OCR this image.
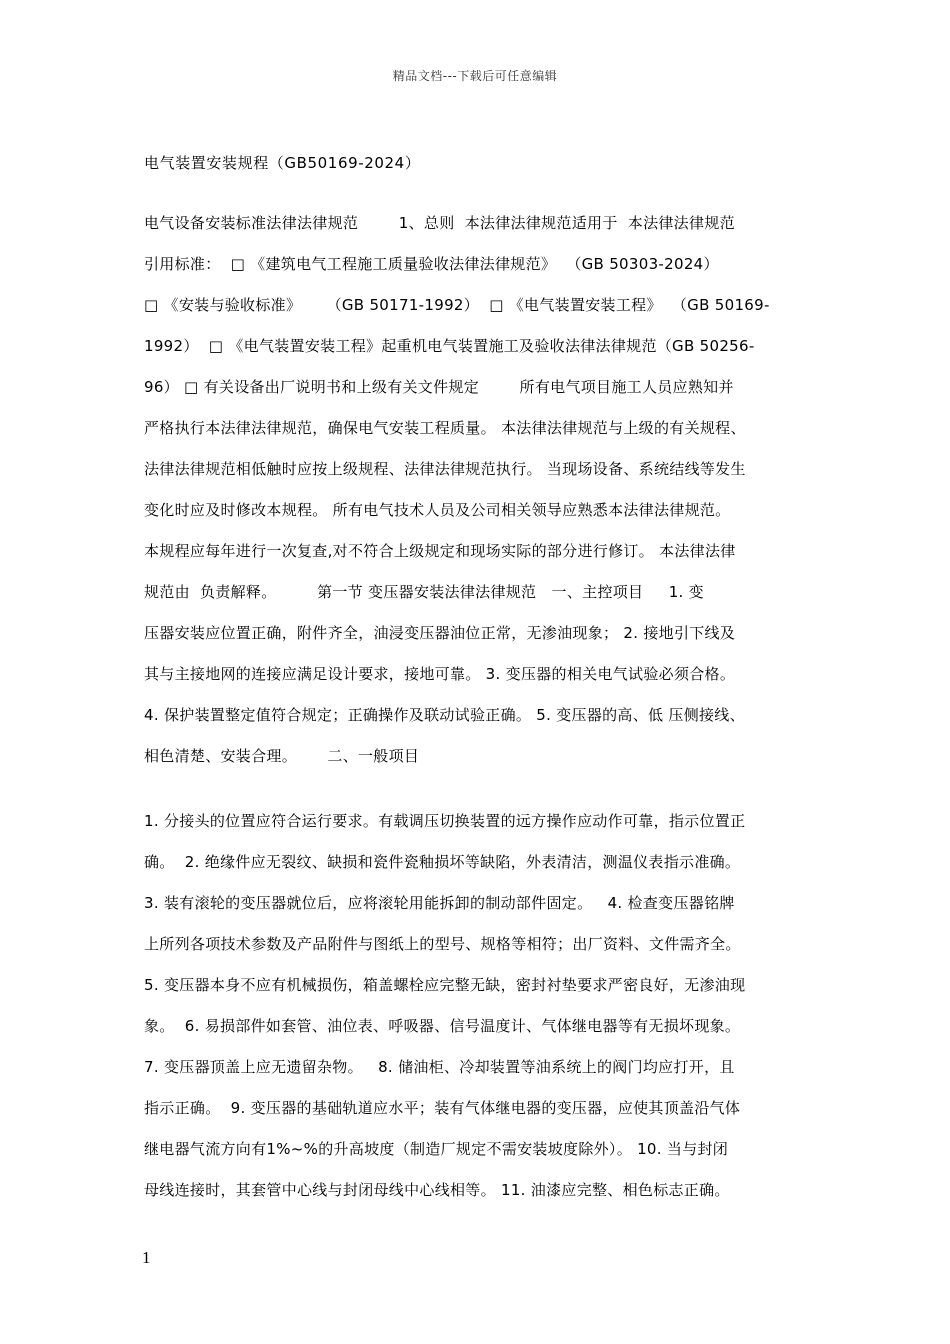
精品文档---下载后可任意编辑
电气装置安装规程（GB50169-2024）
电气设备安装标准法律法律规范        1、总则  本法律法律规范适用于  本法律法律规范
引用标准：  □ 《建筑电气工程施工质量验收法律法律规范》  （GB 50303-2024）
□ 《安装与验收标准》     （GB 50171-1992）  □ 《电气装置安装工程》  （GB 50169-
1992）  □ 《电气装置安装工程》起重机电气装置施工及验收法律法律规范（GB 50256-
96） □ 有关设备出厂说明书和上级有关文件规定        所有电气项目施工人员应熟知并
严格执行本法律法律规范，确保电气安装工程质量。 本法律法律规范与上级的有关规程、
法律法律规范相低触时应按上级规程、法律法律规范执行。 当现场设备、系统结线等发生
变化时应及时修改本规程。 所有电气技术人员及公司相关领导应熟悉本法律法律规范。
本规程应每年进行一次复查,对不符合上级规定和现场实际的部分进行修订。 本法律法律
规范由  负责解释。        第一节 变压器安装法律法律规范   一、主控项目     1. 变
压器安装应位置正确，附件齐全，油浸变压器油位正常，无渗油现象； 2. 接地引下线及
其与主接地网的连接应满足设计要求，接地可靠。 3. 变压器的相关电气试验必须合格。
4. 保护装置整定值符合规定；正确操作及联动试验正确。 5. 变压器的高、低 压侧接线、
相色清楚、安装合理。      二、一般项目
1. 分接头的位置应符合运行要求。有载调压切换装置的远方操作应动作可靠，指示位置正
确。  2. 绝缘件应无裂纹、缺损和瓷件瓷釉损坏等缺陷，外表清洁，测温仪表指示准确。
3. 装有滚轮的变压器就位后，应将滚轮用能拆卸的制动部件固定。   4. 检查变压器铭牌
上所列各项技术参数及产品附件与图纸上的型号、规格等相符；出厂资料、文件需齐全。
5. 变压器本身不应有机械损伤，箱盖螺栓应完整无缺，密封衬垫要求严密良好，无渗油现
象。  6. 易损部件如套管、油位表、呼吸器、信号温度计、气体继电器等有无损坏现象。
7. 变压器顶盖上应无遗留杂物。   8. 储油柜、冷却装置等油系统上的阀门均应打开，且
指示正确。  9. 变压器的基础轨道应水平；装有气体继电器的变压器，应使其顶盖沿气体
继电器气流方向有1%~%的升高坡度（制造厂规定不需安装坡度除外）。 10. 当与封闭
母线连接时，其套管中心线与封闭母线中心线相等。 11. 油漆应完整、相色标志正确。
1
